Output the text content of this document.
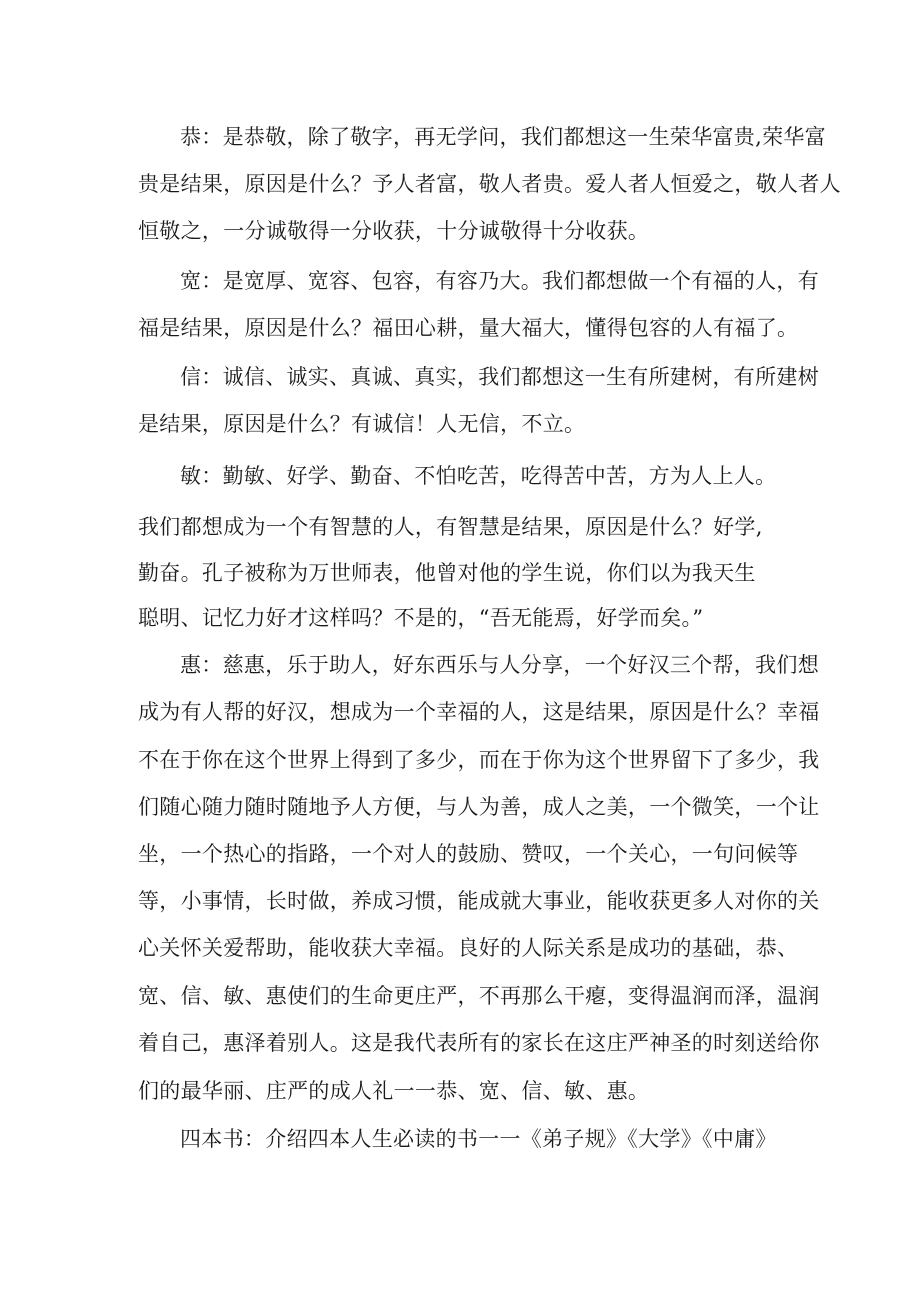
恭：是恭敬，除了敬字，再无学问，我们都想这一生荣华富贵,荣华富
贵是结果，原因是什么？予人者富，敬人者贵。爱人者人恒爱之，敬人者人
恒敬之，一分诚敬得一分收获，十分诚敬得十分收获。
宽：是宽厚、宽容、包容，有容乃大。我们都想做一个有福的人，有
福是结果，原因是什么？福田心耕，量大福大，懂得包容的人有福了。
信：诚信、诚实、真诚、真实，我们都想这一生有所建树，有所建树
是结果，原因是什么？有诚信！人无信，不立。
敏：勤敏、好学、勤奋、不怕吃苦，吃得苦中苦，方为人上人。
我们都想成为一个有智慧的人，有智慧是结果，原因是什么？好学,
勤奋。孔子被称为万世师表，他曾对他的学生说，你们以为我天生
聪明、记忆力好才这样吗？不是的，“吾无能焉，好学而矣。”
惠：慈惠，乐于助人，好东西乐与人分享，一个好汉三个帮，我们想
成为有人帮的好汉，想成为一个幸福的人，这是结果，原因是什么？幸福
不在于你在这个世界上得到了多少，而在于你为这个世界留下了多少，我
们随心随力随时随地予人方便，与人为善，成人之美，一个微笑，一个让
坐，一个热心的指路，一个对人的鼓励、赞叹，一个关心，一句问候等
等，小事情，长时做，养成习惯，能成就大事业，能收获更多人对你的关
心关怀关爱帮助，能收获大幸福。良好的人际关系是成功的基础，恭、
宽、信、敏、惠使们的生命更庄严，不再那么干瘪，变得温润而泽，温润
着自己，惠泽着别人。这是我代表所有的家长在这庄严神圣的时刻送给你
们的最华丽、庄严的成人礼一一恭、宽、信、敏、惠。
四本书：介绍四本人生必读的书一一《弟子规》《大学》《中庸》
